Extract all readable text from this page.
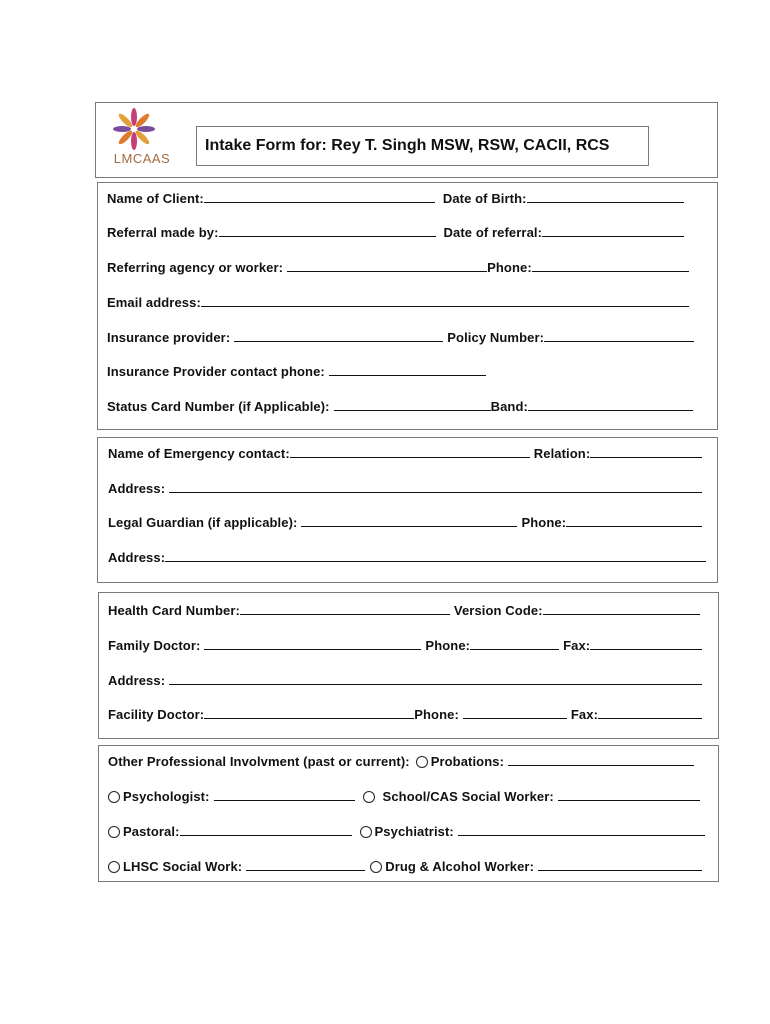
LMCAAS
Intake Form for: Rey T. Singh MSW, RSW, CACII, RCS
Name of Client:	Date of Birth:
Referral made by:	Date of referral:
Referring agency or worker:	Phone:
Email address:
Insurance provider:	Policy Number:
Insurance Provider contact phone:
Status Card Number (if Applicable):	Band:
Name of Emergency contact:	Relation:
Address:
Legal Guardian (if applicable):	Phone:
Address:
Health Card Number:	Version Code:
Family Doctor:	Phone:	Fax:
Address:
Facility Doctor:	Phone:	Fax:
Other Professional Involvment (past or current): Probations:
Psychologist:	School/CAS Social Worker:
Pastoral:	Psychiatrist:
LHSC Social Work:	Drug & Alcohol Worker:
